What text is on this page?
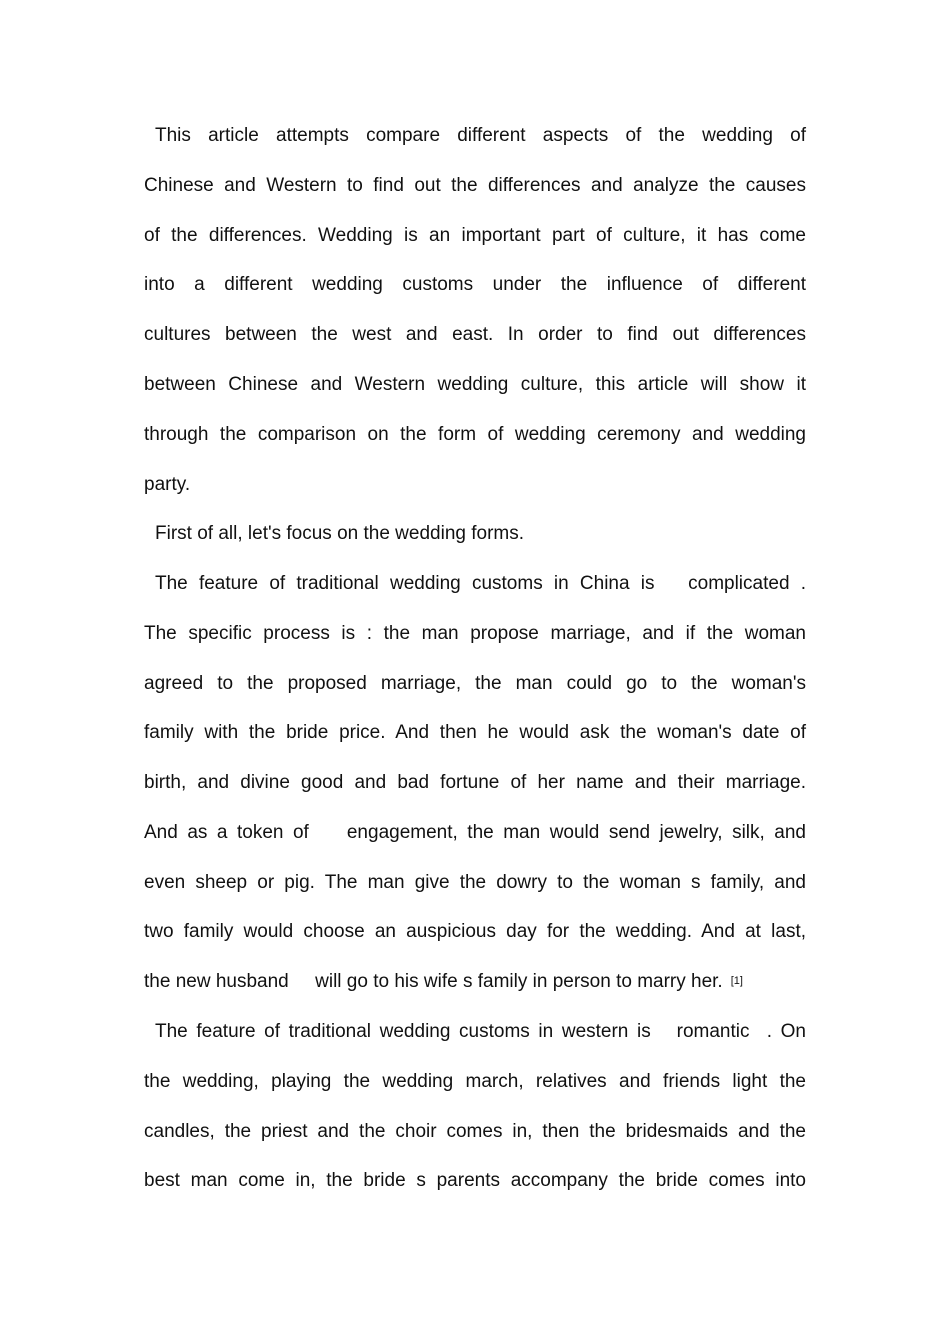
This article attempts compare different aspects of the wedding of
Chinese and Western to find out the differences and analyze the causes
of the differences. Wedding is an important part of culture, it has come
into a different wedding customs under the influence of different
cultures between the west and east. In order to find out differences
between Chinese and Western wedding culture, this article will show it
through the comparison on the form of wedding ceremony and wedding
party.
First of all, let's focus on the wedding forms.
The feature of traditional wedding customs in China is   complicated .
The specific process is : the man propose marriage, and if the woman
agreed to the proposed marriage, the man could go to the woman's
family with the bride price. And then he would ask the woman's date of
birth, and divine good and bad fortune of her name and their marriage.
And as a token of    engagement, the man would send jewelry, silk, and
even sheep or pig. The man give the dowry to the woman s family, and
two family would choose an auspicious day for the wedding. And at last,
the new husband     will go to his wife s family in person to marry her. [1]
The feature of traditional wedding customs in western is   romantic  . On
the wedding, playing the wedding march, relatives and friends light the
candles, the priest and the choir comes in, then the bridesmaids and the
best man come in, the bride s parents accompany the bride comes into
